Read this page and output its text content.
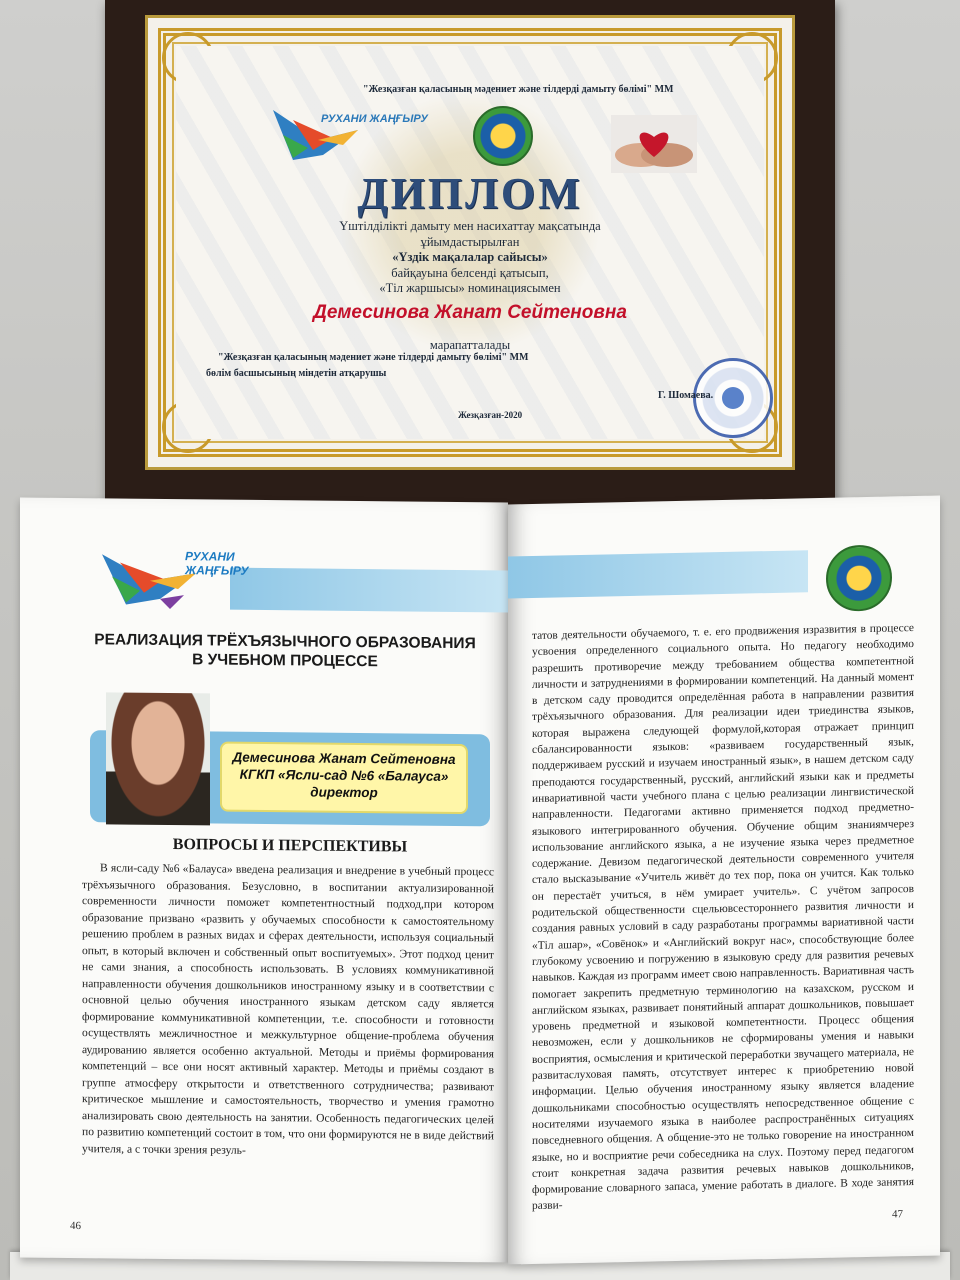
"Жезқазған қаласының мәдениет және тілдерді дамыту бөлімі" ММ
РУХАНИ ЖАҢҒЫРУ
ДИПЛОМ
Үштілділікті дамыту мен насихаттау мақсатында
ұйымдастырылған
«Үздік мақалалар сайысы»
байқауына белсенді қатысып,
«Тіл жаршысы» номинациясымен
Демесинова Жанат Сейтеновна
марапатталады
"Жезқазған қаласының мәдениет және тілдерді дамыту бөлімі" ММ
бөлім басшысының міндетін атқарушы
Г. Шомаева.
Жезқазған-2020
РУХАНИ
ЖАҢҒЫРУ
РЕАЛИЗАЦИЯ ТРЁХЪЯЗЫЧНОГО ОБРАЗОВАНИЯ
В УЧЕБНОМ ПРОЦЕССЕ
Демесинова Жанат Сейтеновна
КГКП «Ясли-сад №6 «Балауса»
директор
ВОПРОСЫ И ПЕРСПЕКТИВЫ
В ясли-саду №6 «Балауса» введена реализация и внедрение в учебный процесс трёхъязычного образования. Безусловно, в воспитании актуализированной современности личности поможет компетентностный подход,при котором образование призвано «развить у обучаемых способности к самостоятельному решению проблем в разных видах и сферах деятельности, используя социальный опыт, в который включен и собственный опыт воспитуемых». Этот подход ценит не сами знания, а способность использовать. В условиях коммуникативной направленности обучения дошкольников иностранному языку и в соответствии с основной целью обучения иностранного языкам детском саду является формирование коммуникативной компетенции, т.е. способности и готовности осуществлять межличностное и межкультурное общение-проблема обучения аудированию является особенно актуальной. Методы и приёмы формирования компетенций – все они носят активный характер. Методы и приёмы создают в группе атмосферу открытости и ответственного сотрудничества; развивают критическое мышление и самостоятельность, творчество и умения грамотно анализировать свою деятельность на занятии. Особенность педагогических целей по развитию компетенций состоит в том, что они формируются не в виде действий учителя, а с точки зрения резуль-
46
татов деятельности обучаемого, т. е. его продвижения изразвития в процессе усвоения определенного социального опыта. Но педагогу необходимо разрешить противоречие между требованием общества компетентной личности и затруднениями в формировании компетенций. На данный момент в детском саду проводится определённая работа в направлении развития трёхъязычного образования. Для реализации идеи триединства языков, которая выражена следующей формулой,которая отражает принцип сбалансированности языков: «развиваем государственный язык, поддерживаем русский и изучаем иностранный язык», в нашем детском саду преподаются государственный, русский, английский языки как и предметы инвариативной части учебного плана с целью реализации лингвистической направленности. Педагогами активно применяется подход предметно-языкового интегрированного обучения. Обучение общим знаниямчерез использование английского языка, а не изучение языка через предметное содержание. Девизом педагогической деятельности современного учителя стало высказывание «Учитель живёт до тех пор, пока он учится. Как только он перестаёт учиться, в нём умирает учитель». С учётом запросов родительской общественности сцельювсестороннего развития личности и создания равных условий в саду разработаны программы вариативной части «Тіл ашар», «Совёнок» и «Английский вокруг нас», способствующие более глубокому усвоению и погружению в языковую среду для развития речевых навыков. Каждая из программ имеет свою направленность. Вариативная часть помогает закрепить предметную терминологию на казахском, русском и английском языках, развивает понятийный аппарат дошкольников, повышает уровень предметной и языковой компетентности. Процесс общения невозможен, если у дошкольников не сформированы умения и навыки восприятия, осмысления и критической переработки звучащего материала, не развитаслуховая память, отсутствует интерес к приобретению новой информации. Целью обучения иностранному языку является владение дошкольниками способностью осуществлять непосредственное общение с носителями изучаемого языка в наиболее распространённых ситуациях повседневного общения. А общение-это не только говорение на иностранном языке, но и восприятие речи собеседника на слух. Поэтому перед педагогом стоит конкретная задача развития речевых навыков дошкольников, формирование словарного запаса, умение работать в диалоге. В ходе занятия разви-
47
